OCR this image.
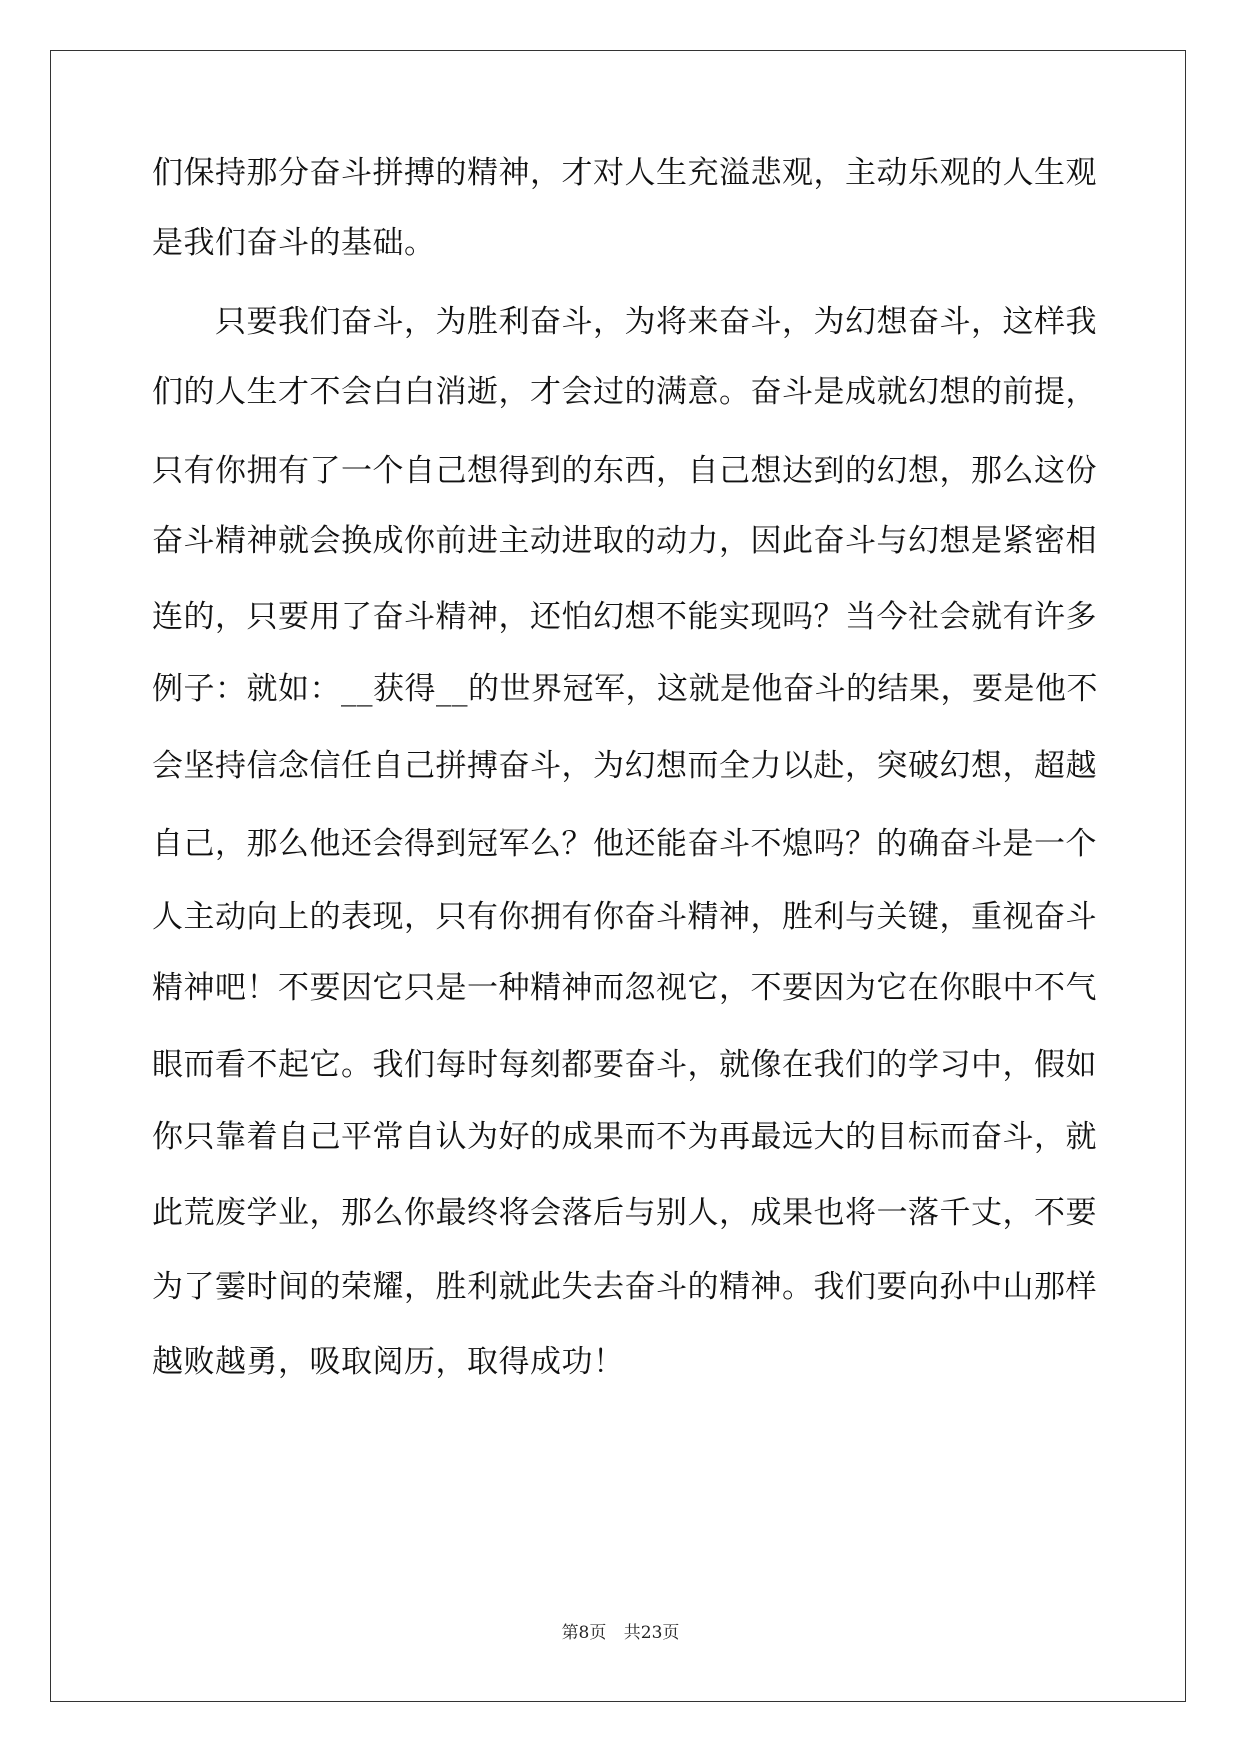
们保持那分奋斗拼搏的精神，才对人生充溢悲观，主动乐观的人生观
是我们奋斗的基础。
只要我们奋斗，为胜利奋斗，为将来奋斗，为幻想奋斗，这样我
们的人生才不会白白消逝，才会过的满意。奋斗是成就幻想的前提，
只有你拥有了一个自己想得到的东西，自己想达到的幻想，那么这份
奋斗精神就会换成你前进主动进取的动力，因此奋斗与幻想是紧密相
连的，只要用了奋斗精神，还怕幻想不能实现吗？当今社会就有许多
例子：就如：__获得__的世界冠军，这就是他奋斗的结果，要是他不
会坚持信念信任自己拼搏奋斗，为幻想而全力以赴，突破幻想，超越
自己，那么他还会得到冠军么？他还能奋斗不熄吗？的确奋斗是一个
人主动向上的表现，只有你拥有你奋斗精神，胜利与关键，重视奋斗
精神吧！不要因它只是一种精神而忽视它，不要因为它在你眼中不气
眼而看不起它。我们每时每刻都要奋斗，就像在我们的学习中，假如
你只靠着自己平常自认为好的成果而不为再最远大的目标而奋斗，就
此荒废学业，那么你最终将会落后与别人，成果也将一落千丈，不要
为了霎时间的荣耀，胜利就此失去奋斗的精神。我们要向孙中山那样
越败越勇，吸取阅历，取得成功！
第8页 共23页
